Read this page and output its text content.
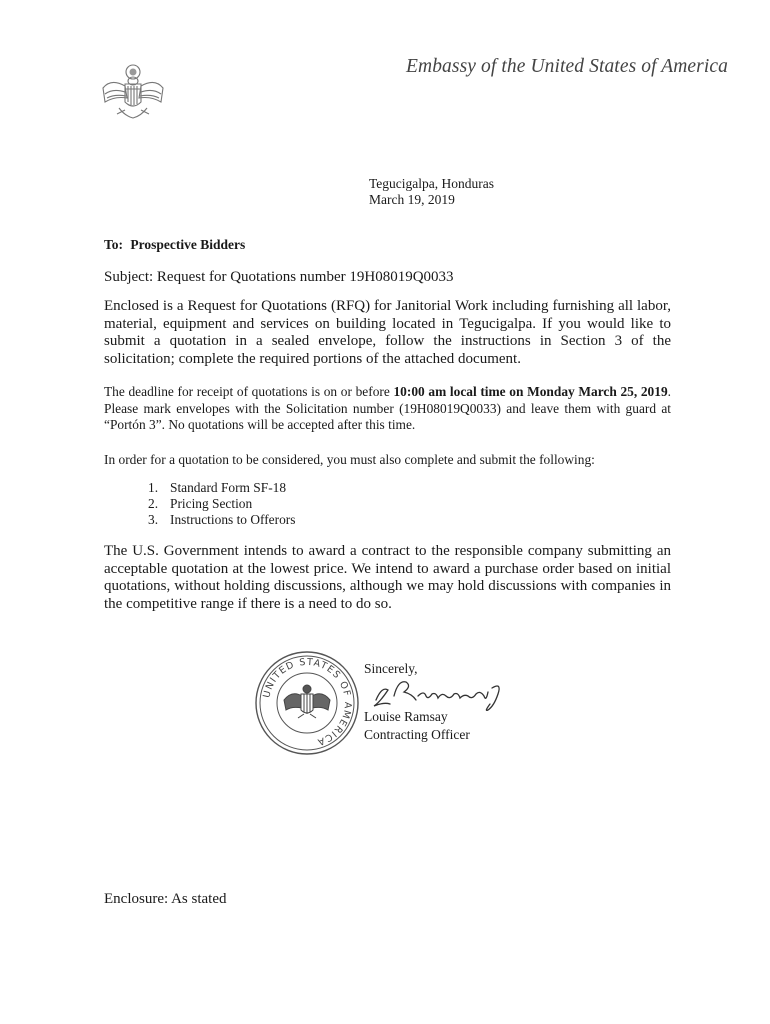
Embassy of the United States of America
Tegucigalpa, Honduras
March 19, 2019
To: Prospective Bidders
Subject: Request for Quotations number 19H08019Q0033
Enclosed is a Request for Quotations (RFQ) for Janitorial Work including furnishing all labor, material, equipment and services on building located in Tegucigalpa. If you would like to submit a quotation in a sealed envelope, follow the instructions in Section 3 of the solicitation; complete the required portions of the attached document.
The deadline for receipt of quotations is on or before 10:00 am local time on Monday March 25, 2019. Please mark envelopes with the Solicitation number (19H08019Q0033) and leave them with guard at “Portón 3”. No quotations will be accepted after this time.
In order for a quotation to be considered, you must also complete and submit the following:
1. Standard Form SF-18
2. Pricing Section
3. Instructions to Offerors
The U.S. Government intends to award a contract to the responsible company submitting an acceptable quotation at the lowest price. We intend to award a purchase order based on initial quotations, without holding discussions, although we may hold discussions with companies in the competitive range if there is a need to do so.
UNITED STATES OF AMERICA
Sincerely,
Louise Ramsay
Contracting Officer
Enclosure: As stated
